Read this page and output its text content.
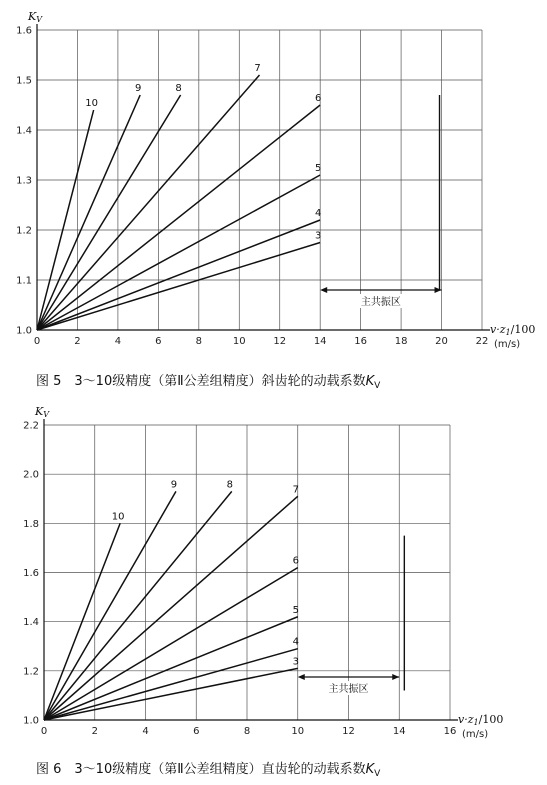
0	2	4	6	8	10	12	14	16	18	20	22
1.0
1.1
1.2
1.3
1.4
1.5
1.6
KV
v·z1/100
(m/s)
10
9	8
7
6
5
4
3
主共振区
0	2	4	6	8	10	12	14	16
1.0
1.2
1.4
1.6
1.8
2.0
2.2
KV
v·z1/100
(m/s)
10
9	8	7
6
5
4
3
主共振区
图 5　3～10级精度（第Ⅱ公差组精度）斜齿轮的动载系数$K_V$
图 6　3～10级精度（第Ⅱ公差组精度）直齿轮的动载系数$K_V$
